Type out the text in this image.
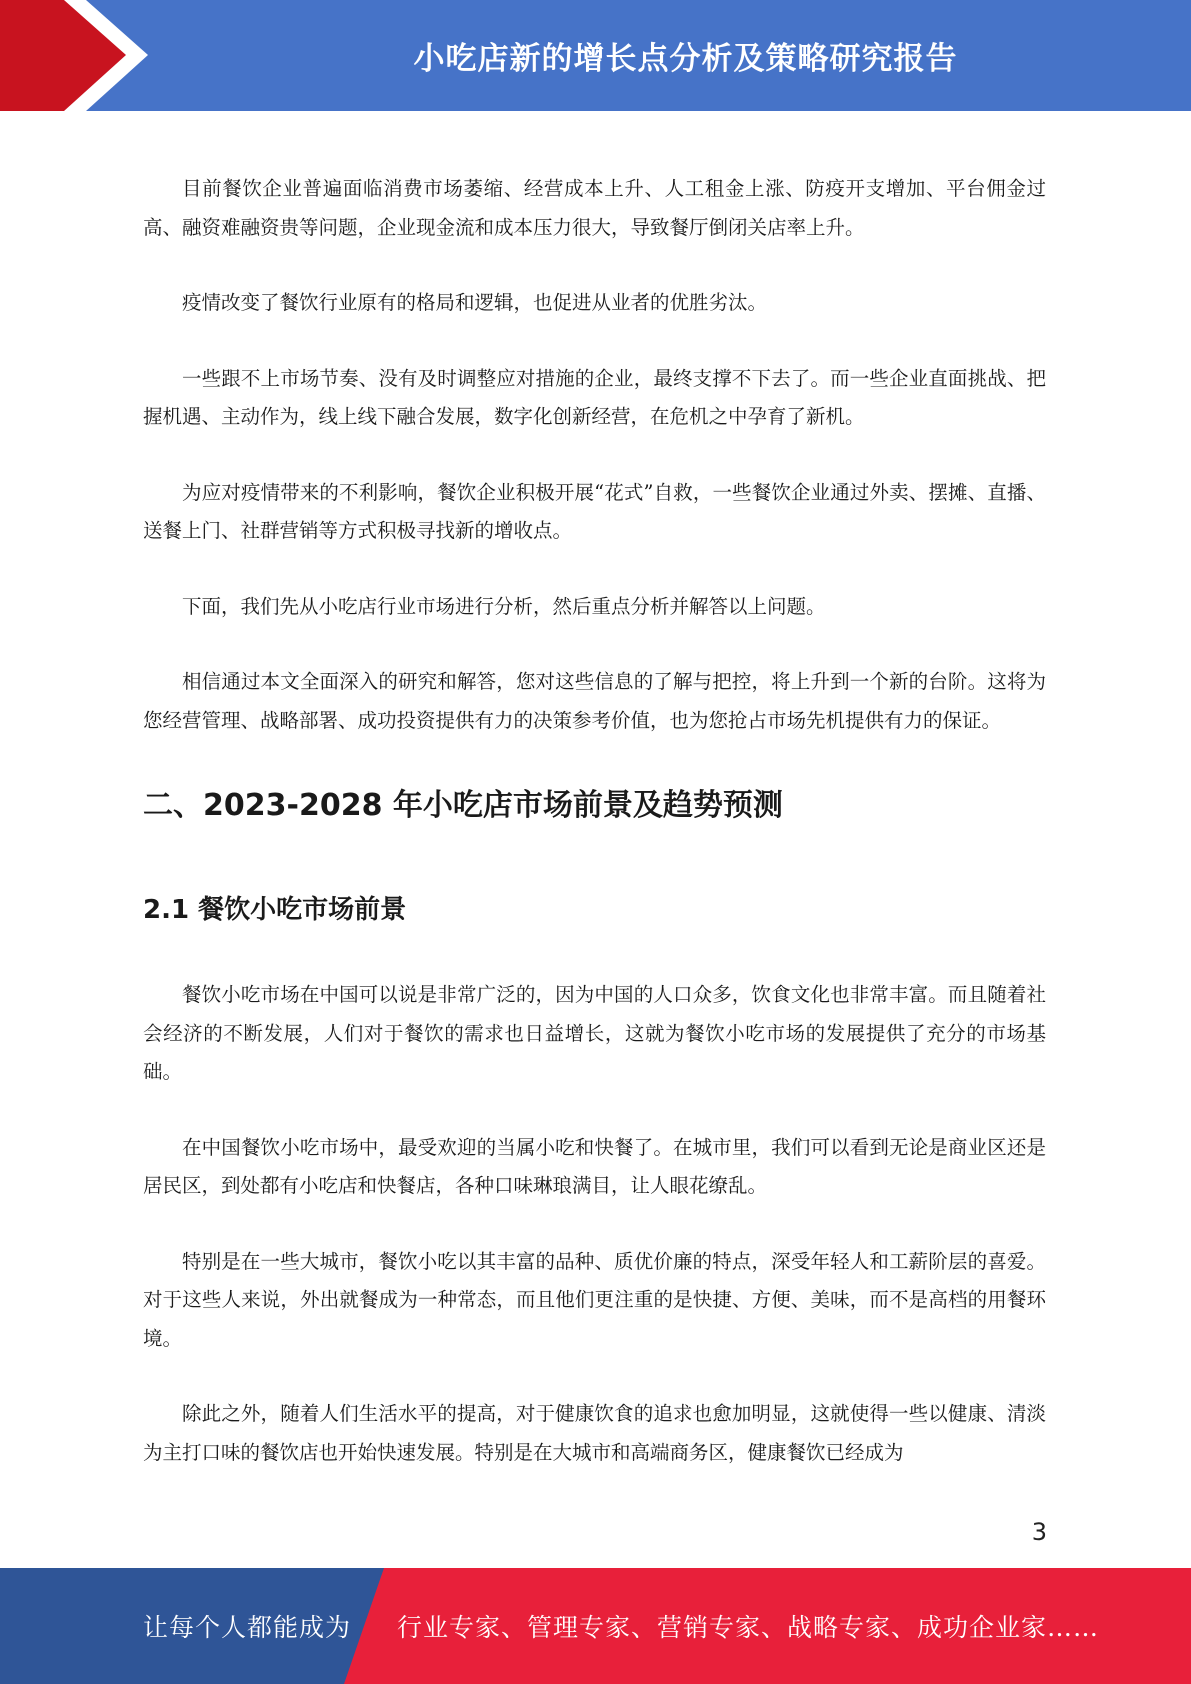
小吃店新的增长点分析及策略研究报告

目前餐饮企业普遍面临消费市场萎缩、经营成本上升、人工租金上涨、防疫开支增加、平台佣金过高、融资难融资贵等问题，企业现金流和成本压力很大，导致餐厅倒闭关店率上升。

疫情改变了餐饮行业原有的格局和逻辑，也促进从业者的优胜劣汰。

一些跟不上市场节奏、没有及时调整应对措施的企业，最终支撑不下去了。而一些企业直面挑战、把握机遇、主动作为，线上线下融合发展，数字化创新经营，在危机之中孕育了新机。

为应对疫情带来的不利影响，餐饮企业积极开展“花式”自救，一些餐饮企业通过外卖、摆摊、直播、送餐上门、社群营销等方式积极寻找新的增收点。

下面，我们先从小吃店行业市场进行分析，然后重点分析并解答以上问题。

相信通过本文全面深入的研究和解答，您对这些信息的了解与把控，将上升到一个新的台阶。这将为您经营管理、战略部署、成功投资提供有力的决策参考价值，也为您抢占市场先机提供有力的保证。

二、2023-2028 年小吃店市场前景及趋势预测
2.1 餐饮小吃市场前景

餐饮小吃市场在中国可以说是非常广泛的，因为中国的人口众多，饮食文化也非常丰富。而且随着社会经济的不断发展，人们对于餐饮的需求也日益增长，这就为餐饮小吃市场的发展提供了充分的市场基础。

在中国餐饮小吃市场中，最受欢迎的当属小吃和快餐了。在城市里，我们可以看到无论是商业区还是居民区，到处都有小吃店和快餐店，各种口味琳琅满目，让人眼花缭乱。

特别是在一些大城市，餐饮小吃以其丰富的品种、质优价廉的特点，深受年轻人和工薪阶层的喜爱。对于这些人来说，外出就餐成为一种常态，而且他们更注重的是快捷、方便、美味，而不是高档的用餐环境。

除此之外，随着人们生活水平的提高，对于健康饮食的追求也愈加明显，这就使得一些以健康、清淡为主打口味的餐饮店也开始快速发展。特别是在大城市和高端商务区，健康餐饮已经成为

3
让每个人都能成为 行业专家、管理专家、营销专家、战略专家、成功企业家……
